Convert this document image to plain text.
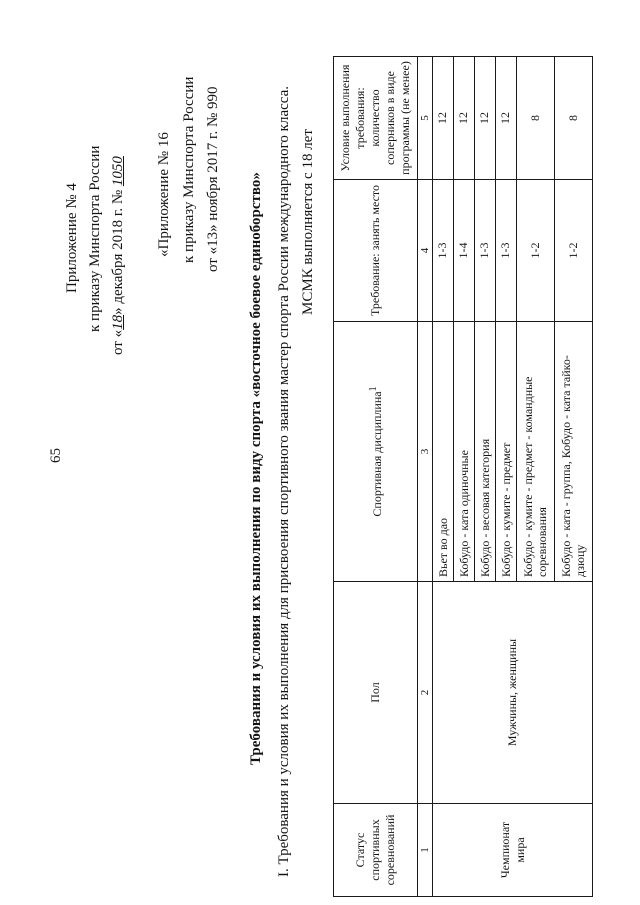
65
Приложение № 4 к приказу Минспорта России
от «18» декабря 2018 г. № 1050 «Приложение № 16 к приказу Минспорта России от «13» ноября 2017 г. № 990 Требования и условия их выполнения по виду спорта «восточное боевое единоборство» I. Требования и условия их выполнения для присвоения спортивного звания мастер спорта России международного класса. МСМК выполняется с 18 лет
Статус спортивных соревнований	Пол	Спортивная дисциплина$^1$	Требование: занять место	Условие выполнения требования: количество соперников в виде программы (не менее)
1	2	3	4	5
Чемпионат мира	Мужчины, женщины	Вьет во дао	1-3	12
		Кобудо - ката одиночные	1-4	12
		Кобудо - весовая категория	1-3	12
		Кобудо - кумите - предмет	1-3	12
		Кобудо - кумите - предмет - командные соревнования	1-2	8
		Кобудо - ката - группа, Кобудо - ката тайко-дзюцу	1-2	8
